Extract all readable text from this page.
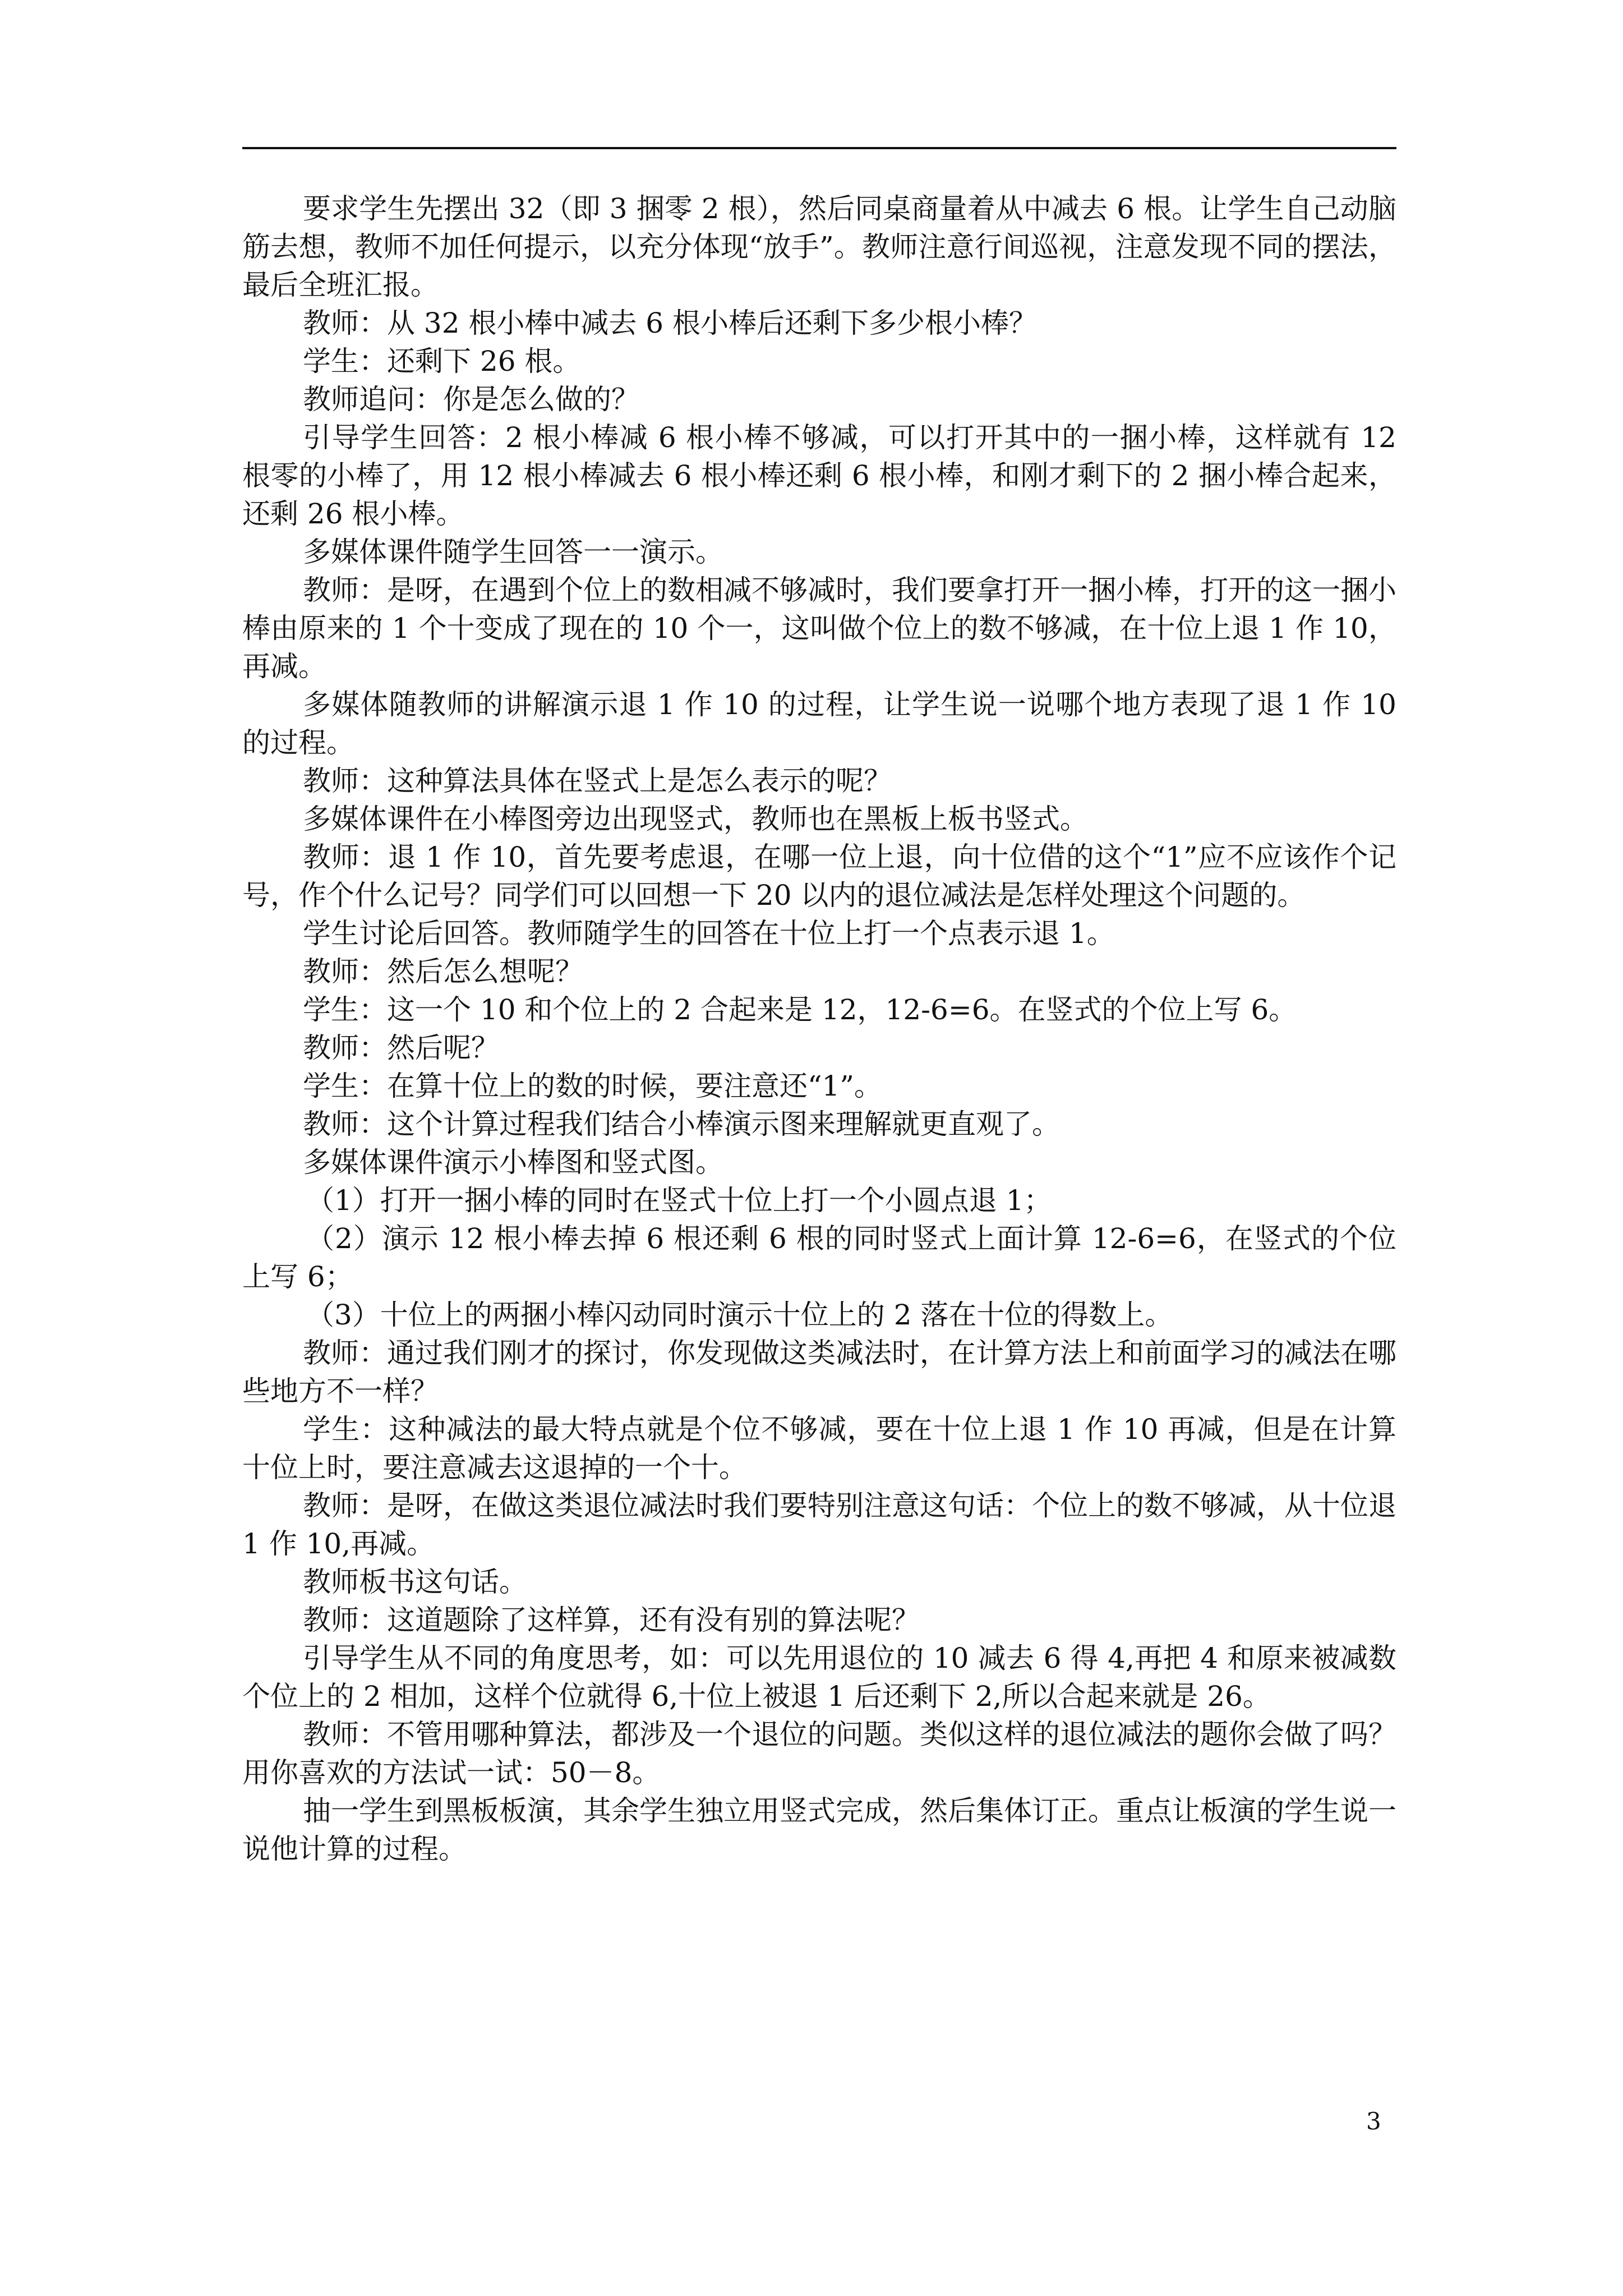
要求学生先摆出 32（即 3 捆零 2 根），然后同桌商量着从中减去 6 根。让学生自己动脑筋去想，教师不加任何提示，以充分体现“放手”。教师注意行间巡视，注意发现不同的摆法，最后全班汇报。

教师：从 32 根小棒中减去 6 根小棒后还剩下多少根小棒？

学生：还剩下 26 根。

教师追问：你是怎么做的？

引导学生回答：2 根小棒减 6 根小棒不够减，可以打开其中的一捆小棒，这样就有 12 根零的小棒了，用 12 根小棒减去 6 根小棒还剩 6 根小棒，和刚才剩下的 2 捆小棒合起来，还剩 26 根小棒。

多媒体课件随学生回答一一演示。

教师：是呀，在遇到个位上的数相减不够减时，我们要拿打开一捆小棒，打开的这一捆小棒由原来的 1 个十变成了现在的 10 个一，这叫做个位上的数不够减，在十位上退 1 作 10，再减。

多媒体随教师的讲解演示退 1 作 10 的过程，让学生说一说哪个地方表现了退 1 作 10 的过程。

教师：这种算法具体在竖式上是怎么表示的呢？

多媒体课件在小棒图旁边出现竖式，教师也在黑板上板书竖式。

教师：退 1 作 10，首先要考虑退，在哪一位上退，向十位借的这个“1”应不应该作个记号，作个什么记号？同学们可以回想一下 20 以内的退位减法是怎样处理这个问题的。

学生讨论后回答。教师随学生的回答在十位上打一个点表示退 1。

教师：然后怎么想呢？

学生：这一个 10 和个位上的 2 合起来是 12，12-6=6。在竖式的个位上写 6。

教师：然后呢？

学生：在算十位上的数的时候，要注意还“1”。

教师：这个计算过程我们结合小棒演示图来理解就更直观了。

多媒体课件演示小棒图和竖式图。

（1）打开一捆小棒的同时在竖式十位上打一个小圆点退 1；

（2）演示 12 根小棒去掉 6 根还剩 6 根的同时竖式上面计算 12-6=6，在竖式的个位上写 6；

（3）十位上的两捆小棒闪动同时演示十位上的 2 落在十位的得数上。

教师：通过我们刚才的探讨，你发现做这类减法时，在计算方法上和前面学习的减法在哪些地方不一样？

学生：这种减法的最大特点就是个位不够减，要在十位上退 1 作 10 再减，但是在计算十位上时，要注意减去这退掉的一个十。

教师：是呀，在做这类退位减法时我们要特别注意这句话：个位上的数不够减，从十位退 1 作 10,再减。

教师板书这句话。

教师：这道题除了这样算，还有没有别的算法呢？

引导学生从不同的角度思考，如：可以先用退位的 10 减去 6 得 4,再把 4 和原来被减数个位上的 2 相加，这样个位就得 6,十位上被退 1 后还剩下 2,所以合起来就是 26。

教师：不管用哪种算法，都涉及一个退位的问题。类似这样的退位减法的题你会做了吗？用你喜欢的方法试一试：50－8。

抽一学生到黑板板演，其余学生独立用竖式完成，然后集体订正。重点让板演的学生说一说他计算的过程。

3
